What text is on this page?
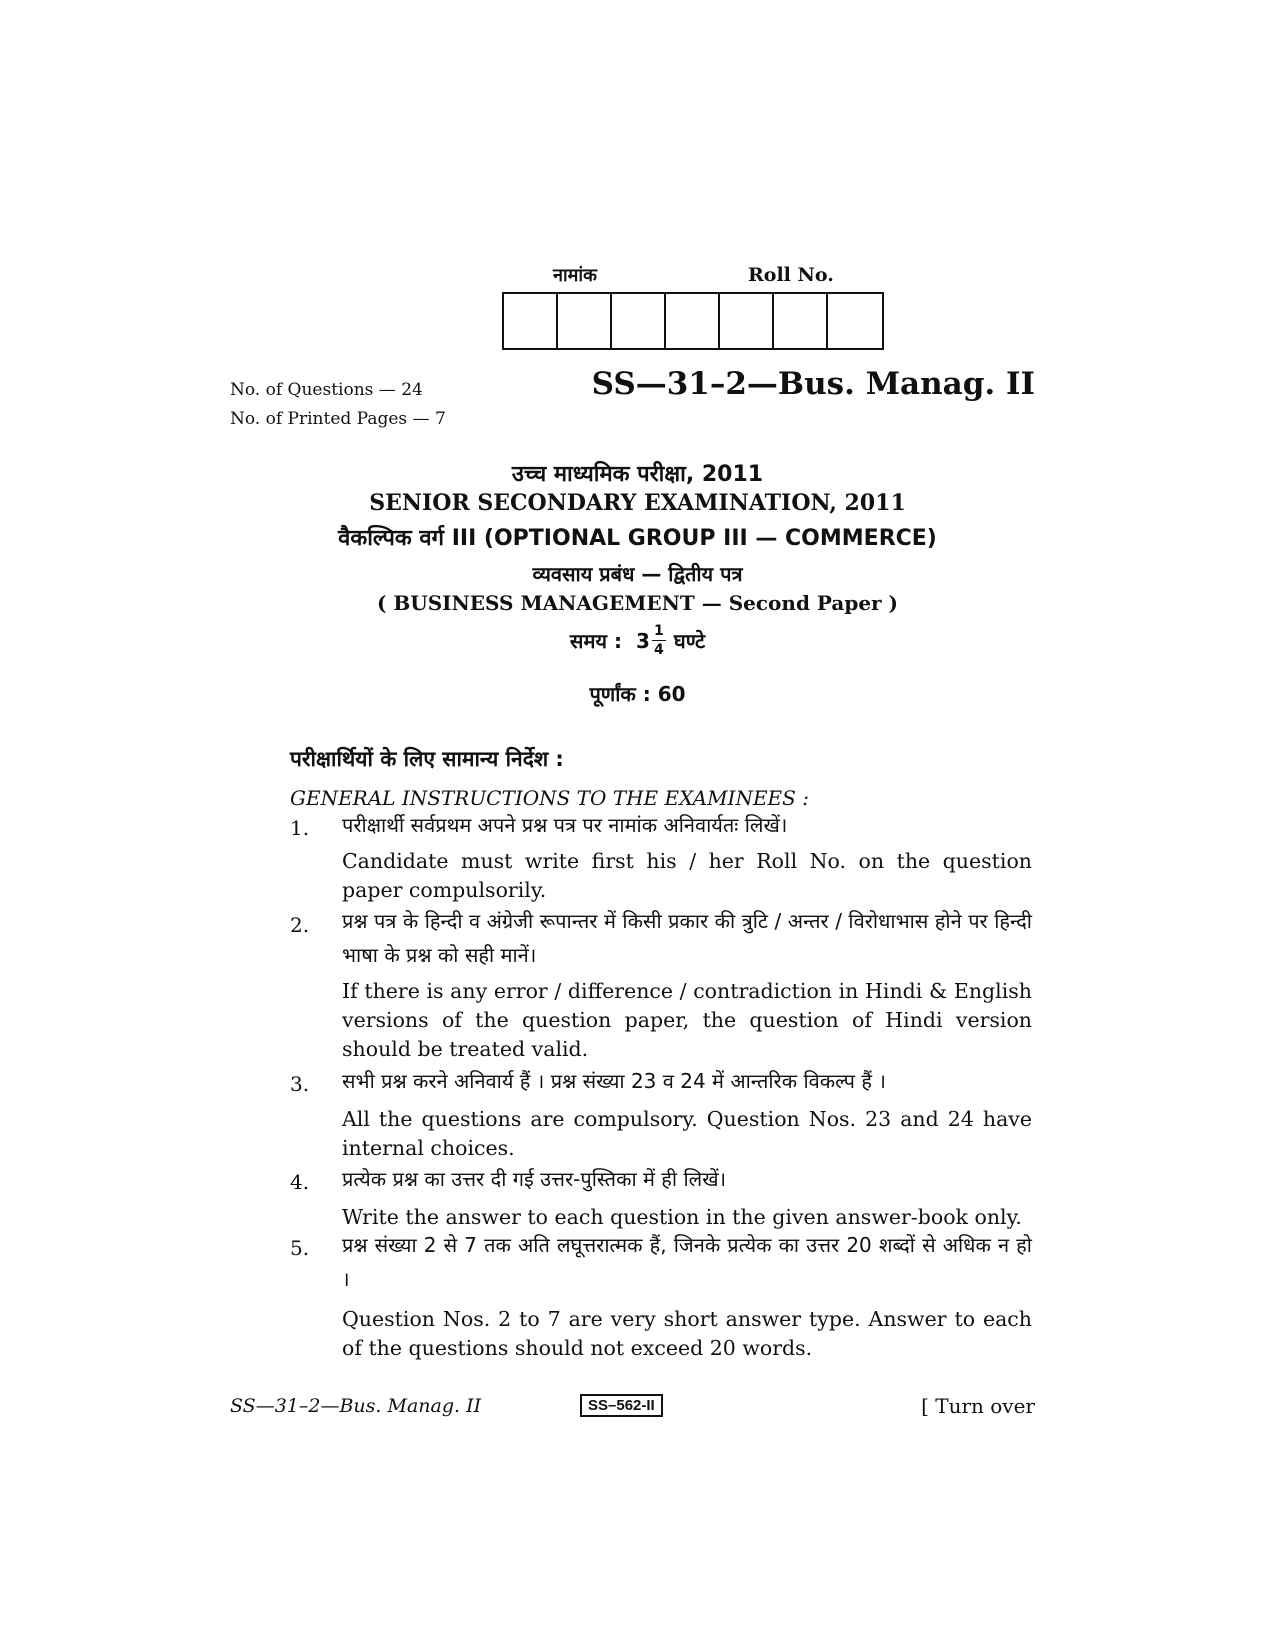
नामांक	Roll No.
No. of Questions — 24
No. of Printed Pages — 7
SS—31–2—Bus. Manag. II
उच्च माध्यमिक परीक्षा, 2011
SENIOR SECONDARY EXAMINATION, 2011
वैकल्पिक वर्ग III (OPTIONAL GROUP III — COMMERCE)
व्यवसाय प्रबंध — द्वितीय पत्र
( BUSINESS MANAGEMENT — Second Paper )
समय : $3 \frac{1}{4}$ घण्टे
पूर्णांक : 60
परीक्षार्थियों के लिए सामान्य निर्देश :
GENERAL INSTRUCTIONS TO THE EXAMINEES :
1. परीक्षार्थी सर्वप्रथम अपने प्रश्न पत्र पर नामांक अनिवार्यतः लिखें।
Candidate must write first his / her Roll No. on the question paper compulsorily.
2. प्रश्न पत्र के हिन्दी व अंग्रेजी रूपान्तर में किसी प्रकार की त्रुटि / अन्तर / विरोधाभास होने पर हिन्दी भाषा के प्रश्न को सही मानें।
If there is any error / difference / contradiction in Hindi & English versions of the question paper, the question of Hindi version should be treated valid.
3. सभी प्रश्न करने अनिवार्य हैं । प्रश्न संख्या 23 व 24 में आन्तरिक विकल्प हैं ।
All the questions are compulsory. Question Nos. 23 and 24 have internal choices.
4. प्रत्येक प्रश्न का उत्तर दी गई उत्तर-पुस्तिका में ही लिखें।
Write the answer to each question in the given answer-book only.
5. प्रश्न संख्या 2 से 7 तक अति लघूत्तरात्मक हैं, जिनके प्रत्येक का उत्तर 20 शब्दों से अधिक न हो ।
Question Nos. 2 to 7 are very short answer type. Answer to each of the questions should not exceed 20 words.
SS—31–2—Bus. Manag. II	SS–562-II	[ Turn over
